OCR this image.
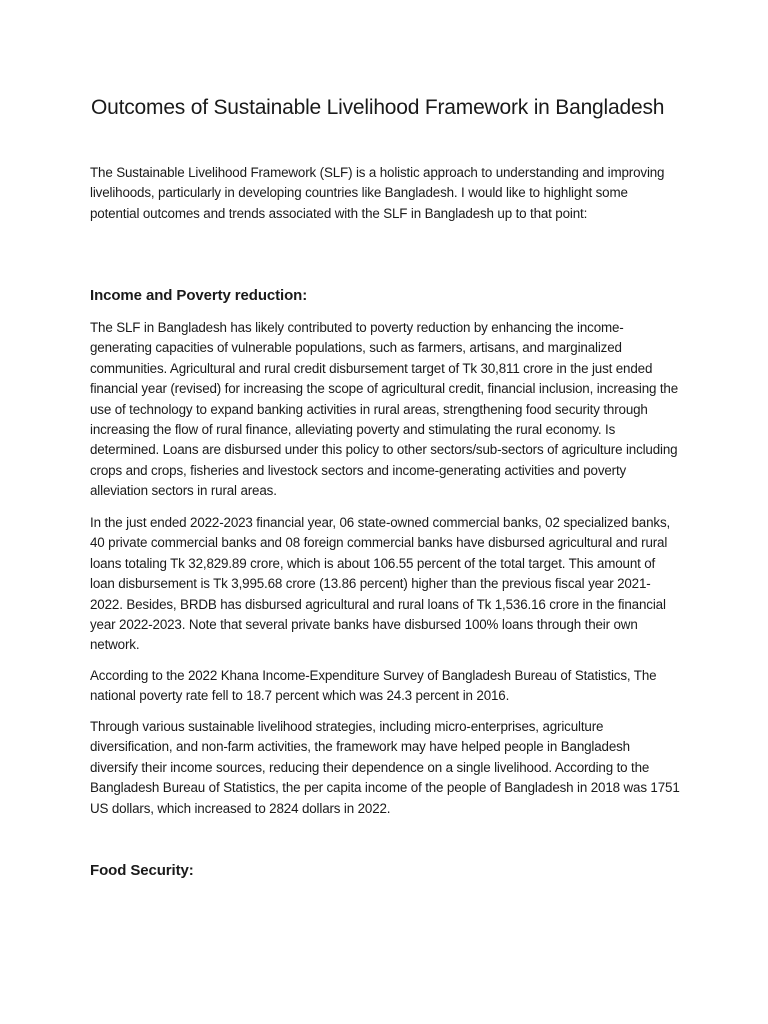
Outcomes of Sustainable Livelihood Framework in Bangladesh

The Sustainable Livelihood Framework (SLF) is a holistic approach to understanding and improving livelihoods, particularly in developing countries like Bangladesh. I would like to highlight some potential outcomes and trends associated with the SLF in Bangladesh up to that point:

Income and Poverty reduction:

The SLF in Bangladesh has likely contributed to poverty reduction by enhancing the income-generating capacities of vulnerable populations, such as farmers, artisans, and marginalized communities. Agricultural and rural credit disbursement target of Tk 30,811 crore in the just ended financial year (revised) for increasing the scope of agricultural credit, financial inclusion, increasing the use of technology to expand banking activities in rural areas, strengthening food security through increasing the flow of rural finance, alleviating poverty and stimulating the rural economy. Is determined. Loans are disbursed under this policy to other sectors/sub-sectors of agriculture including crops and crops, fisheries and livestock sectors and income-generating activities and poverty alleviation sectors in rural areas.

In the just ended 2022-2023 financial year, 06 state-owned commercial banks, 02 specialized banks, 40 private commercial banks and 08 foreign commercial banks have disbursed agricultural and rural loans totaling Tk 32,829.89 crore, which is about 106.55 percent of the total target. This amount of loan disbursement is Tk 3,995.68 crore (13.86 percent) higher than the previous fiscal year 2021-2022. Besides, BRDB has disbursed agricultural and rural loans of Tk 1,536.16 crore in the financial year 2022-2023. Note that several private banks have disbursed 100% loans through their own network.

According to the 2022 Khana Income-Expenditure Survey of Bangladesh Bureau of Statistics, The national poverty rate fell to 18.7 percent which was 24.3 percent in 2016.

Through various sustainable livelihood strategies, including micro-enterprises, agriculture diversification, and non-farm activities, the framework may have helped people in Bangladesh diversify their income sources, reducing their dependence on a single livelihood. According to the Bangladesh Bureau of Statistics, the per capita income of the people of Bangladesh in 2018 was 1751 US dollars, which increased to 2824 dollars in 2022.

Food Security:
